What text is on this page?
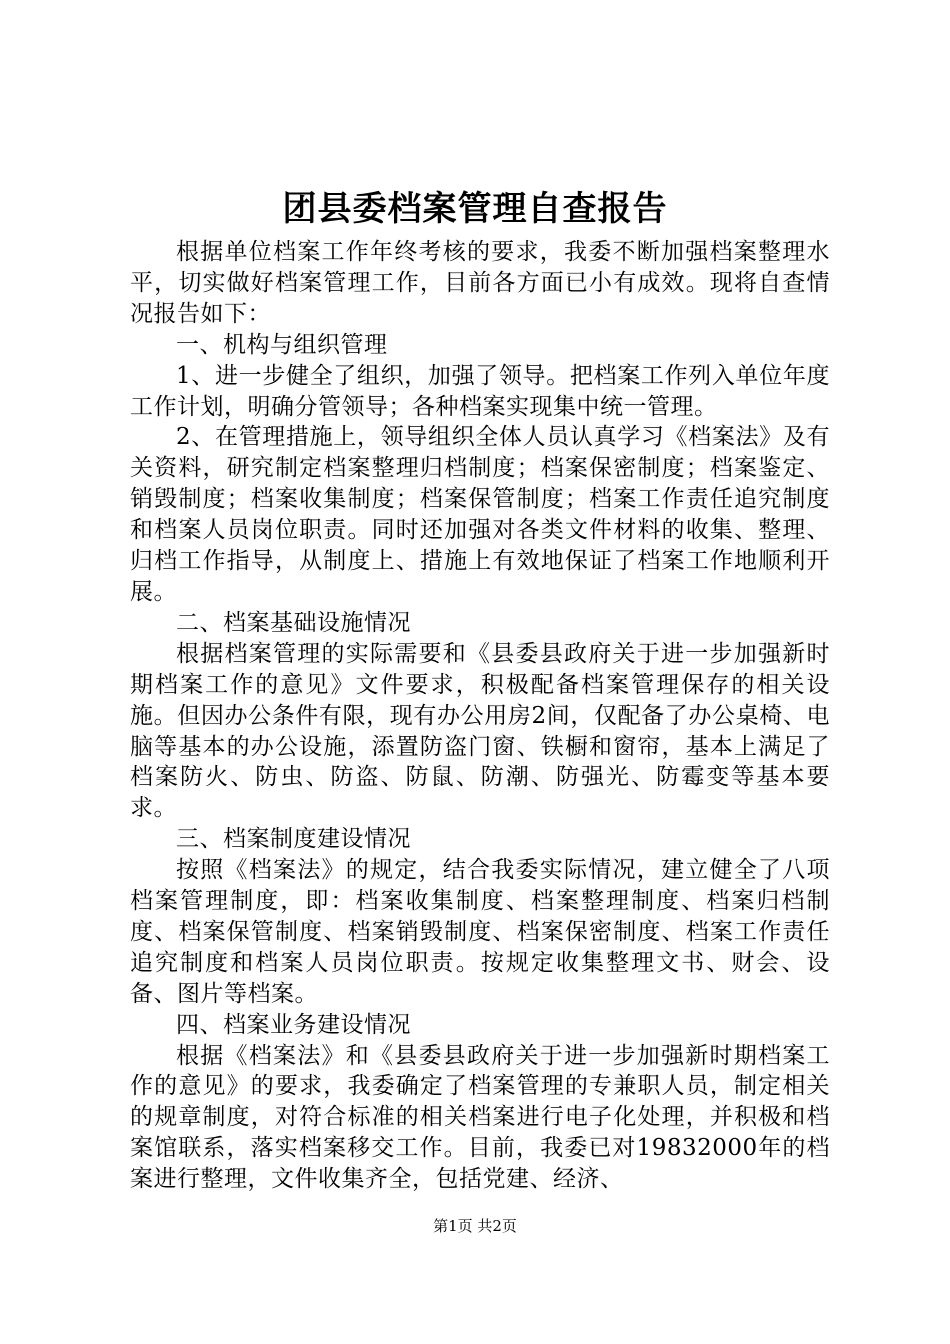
团县委档案管理自查报告

根据单位档案工作年终考核的要求，我委不断加强档案整理水平，切实做好档案管理工作，目前各方面已小有成效。现将自查情况报告如下：

一、机构与组织管理

1、进一步健全了组织，加强了领导。把档案工作列入单位年度工作计划，明确分管领导；各种档案实现集中统一管理。

2、在管理措施上，领导组织全体人员认真学习《档案法》及有关资料，研究制定档案整理归档制度；档案保密制度；档案鉴定、销毁制度；档案收集制度；档案保管制度；档案工作责任追究制度和档案人员岗位职责。同时还加强对各类文件材料的收集、整理、归档工作指导，从制度上、措施上有效地保证了档案工作地顺利开展。

二、档案基础设施情况

根据档案管理的实际需要和《县委县政府关于进一步加强新时期档案工作的意见》文件要求，积极配备档案管理保存的相关设施。但因办公条件有限，现有办公用房2间，仅配备了办公桌椅、电脑等基本的办公设施，添置防盗门窗、铁橱和窗帘，基本上满足了档案防火、防虫、防盗、防鼠、防潮、防强光、防霉变等基本要求。

三、档案制度建设情况

按照《档案法》的规定，结合我委实际情况，建立健全了八项档案管理制度，即：档案收集制度、档案整理制度、档案归档制度、档案保管制度、档案销毁制度、档案保密制度、档案工作责任追究制度和档案人员岗位职责。按规定收集整理文书、财会、设备、图片等档案。

四、档案业务建设情况

根据《档案法》和《县委县政府关于进一步加强新时期档案工作的意见》的要求，我委确定了档案管理的专兼职人员，制定相关的规章制度，对符合标准的相关档案进行电子化处理，并积极和档案馆联系，落实档案移交工作。目前，我委已对19832000年的档案进行整理，文件收集齐全，包括党建、经济、

第1页 共2页
